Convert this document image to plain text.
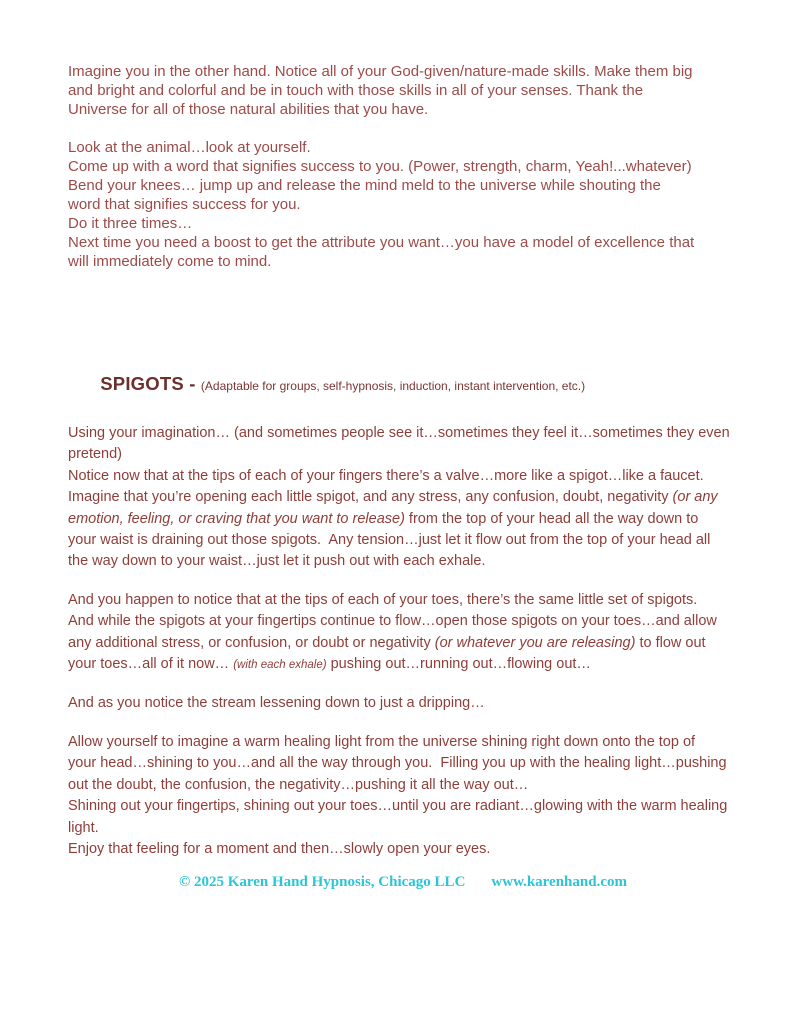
Imagine you in the other hand. Notice all of your God-given/nature-made skills. Make them big
and bright and colorful and be in touch with those skills in all of your senses. Thank the
Universe for all of those natural abilities that you have.
Look at the animal…look at yourself.
Come up with a word that signifies success to you. (Power, strength, charm, Yeah!...whatever)
Bend your knees… jump up and release the mind meld to the universe while shouting the
word that signifies success for you.
Do it three times…
Next time you need a boost to get the attribute you want…you have a model of excellence that
will immediately come to mind.

SPIGOTS - (Adaptable for groups, self-hypnosis, induction, instant intervention, etc.)

Using your imagination… (and sometimes people see it…sometimes they feel it…sometimes they even
pretend)
Notice now that at the tips of each of your fingers there’s a valve…more like a spigot…like a faucet.
Imagine that you’re opening each little spigot, and any stress, any confusion, doubt, negativity (or any
emotion, feeling, or craving that you want to release) from the top of your head all the way down to
your waist is draining out those spigots.  Any tension…just let it flow out from the top of your head all
the way down to your waist…just let it push out with each exhale.
And you happen to notice that at the tips of each of your toes, there’s the same little set of spigots.
And while the spigots at your fingertips continue to flow…open those spigots on your toes…and allow
any additional stress, or confusion, or doubt or negativity (or whatever you are releasing) to flow out
your toes…all of it now… (with each exhale) pushing out…running out…flowing out…
And as you notice the stream lessening down to just a dripping…
Allow yourself to imagine a warm healing light from the universe shining right down onto the top of
your head…shining to you…and all the way through you.  Filling you up with the healing light…pushing
out the doubt, the confusion, the negativity…pushing it all the way out…
Shining out your fingertips, shining out your toes…until you are radiant…glowing with the warm healing
light.
Enjoy that feeling for a moment and then…slowly open your eyes.

© 2025 Karen Hand Hypnosis, Chicago LLC www.karenhand.com
